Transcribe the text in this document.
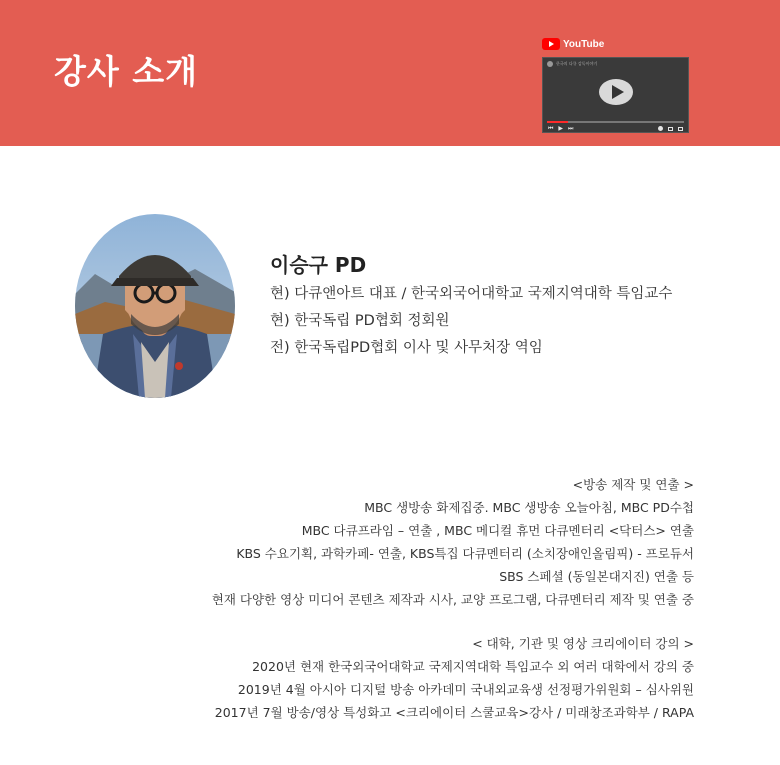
강사 소개
YouTube
한국의 다큐 감독이야기
⏮ ▶ ⏭
이승구 PD
현) 다큐앤아트 대표 / 한국외국어대학교 국제지역대학 특임교수
현) 한국독립 PD협회 정회원
전) 한국독립PD협회 이사 및 사무처장 역임
<방송 제작 및 연출 >
MBC 생방송 화제집중. MBC 생방송 오늘아침, MBC PD수첩
MBC 다큐프라임 – 연출 , MBC 메디컬 휴먼 다큐멘터리 <닥터스> 연출
KBS 수요기획, 과학카페- 연출, KBS특집 다큐멘터리 (소치장애인올림픽) - 프로듀서
SBS 스페셜 (동일본대지진) 연출 등
현재 다양한 영상 미디어 콘텐츠 제작과 시사, 교양 프로그램, 다큐멘터리 제작 및 연출 중
< 대학, 기관 및 영상 크리에이터 강의 >
2020년 현재 한국외국어대학교 국제지역대학 특임교수 외 여러 대학에서 강의 중
2019년 4월 아시아 디지털 방송 아카데미 국내외교육생 선정평가위원회 – 심사위원
2017년 7월 방송/영상 특성화고 <크리에이터 스쿨교육>강사 / 미래창조과학부 / RAPA
